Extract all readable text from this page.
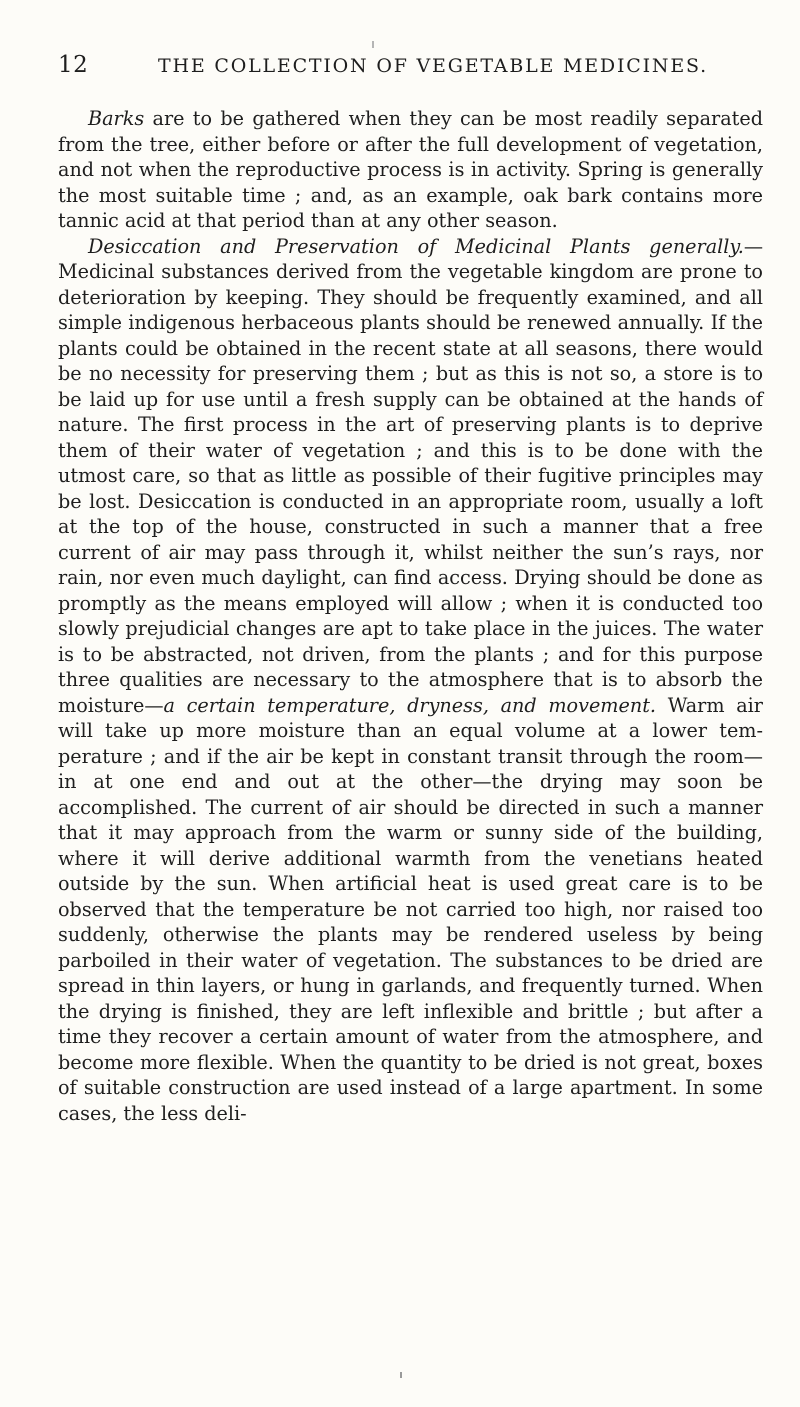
12	THE COLLECTION OF VEGETABLE MEDICINES.

Barks are to be gathered when they can be most readily separated from the tree, either before or after the full development of vegetation, and not when the reproductive process is in activity. Spring is generally the most suitable time ; and, as an example, oak bark contains more tannic acid at that period than at any other season.

Desiccation and Preservation of Medicinal Plants generally.—Medicinal substances derived from the vegetable kingdom are prone to deterioration by keeping. They should be frequently examined, and all simple indigenous herbaceous plants should be renewed annually. If the plants could be obtained in the recent state at all seasons, there would be no necessity for preserving them ; but as this is not so, a store is to be laid up for use until a fresh supply can be obtained at the hands of nature. The first process in the art of preserving plants is to deprive them of their water of vegetation ; and this is to be done with the utmost care, so that as little as possible of their fugitive principles may be lost. Desiccation is conducted in an appropriate room, usually a loft at the top of the house, constructed in such a manner that a free current of air may pass through it, whilst neither the sun’s rays, nor rain, nor even much daylight, can find access. Drying should be done as promptly as the means employed will allow ; when it is conducted too slowly prejudicial changes are apt to take place in the juices. The water is to be abstracted, not driven, from the plants ; and for this purpose three qualities are necessary to the atmosphere that is to absorb the moisture—a certain temperature, dryness, and movement. Warm air will take up more moisture than an equal volume at a lower temperature ; and if the air be kept in constant transit through the room—in at one end and out at the other—the drying may soon be accomplished. The current of air should be directed in such a manner that it may approach from the warm or sunny side of the building, where it will derive additional warmth from the venetians heated outside by the sun. When artificial heat is used great care is to be observed that the temperature be not carried too high, nor raised too suddenly, otherwise the plants may be rendered useless by being parboiled in their water of vegetation. The substances to be dried are spread in thin layers, or hung in garlands, and frequently turned. When the drying is finished, they are left inflexible and brittle ; but after a time they recover a certain amount of water from the atmosphere, and become more flexible. When the quantity to be dried is not great, boxes of suitable construction are used instead of a large apartment. In some cases, the less deli-
